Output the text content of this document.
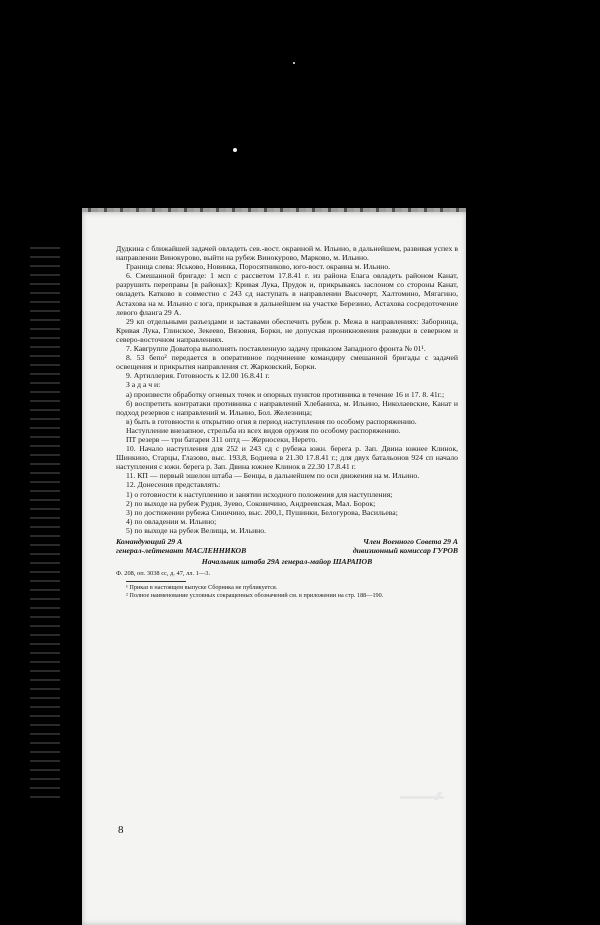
Дудкина с ближайшей задачей овладеть сев.-вост. окраиной м. Ильино, в дальнейшем, развивая успех в направлении Винокурово, выйти на рубеж Винокурово, Марково, м. Ильино.

Граница слева: Яськово, Новинка, Поросятниково, юго-вост. окраина м. Ильино.

6. Смешанной бригаде: 1 мсп с рассветом 17.8.41 г. из района Елага овладеть районом Канат, разрушить переправы [в районах]: Кривая Лука, Прудок и, прикрываясь заслоном со стороны Канат, овладеть Катково в совместно с 243 сд наступать в направлении Высочерт, Халтомино, Мягагино, Астахова на м. Ильино с юга, прикрывая в дальнейшем на участке Березино, Астахова сосредоточение левого фланга 29 А.

29 кп отдельными разъездами и заставами обеспечить рубеж р. Межа в направлениях: Заборница, Кривая Лука, Глинское, Зекеево, Вязовня, Борки, не допуская проникновения разведки в северном и северо-восточном направлениях.

7. Кавгруппе Доватора выполнять поставленную задачу приказом Западного фронта № 01¹.

8. 53 бепо² передается в оперативное подчинение командиру смешанной бригады с задачей освещения и прикрытия направления ст. Жарковский, Борки.

9. Артиллерия. Готовность к 12.00 16.8.41 г.

З а д а ч и:

а) произвести обработку огневых точек и опорных пунктов противника в течение 16 и 17. 8. 41г.;

б) воспретить контратаки противника с направлений Хлебаниха, м. Ильино, Николаевские, Канат и подход резервов с направлений м. Ильино, Бол. Железница;

в) быть в готовности к открытию огня в период наступления по особому распоряжению.

Наступление внезапное, стрельба из всех видов оружия по особому распоряжению.

ПТ резерв — три батареи 311 оптд — Жерносеки, Нерето.

10. Начало наступления для 252 и 243 сд с рубежа южн. берега р. Зап. Двина южнее Клинок, Шинкино, Старцы, Глазово, выс. 193,8, Боднева в 21.30 17.8.41 г.; для двух батальонов 924 сп начало наступления с южн. берега р. Зап. Двина южнее Клинок в 22.30 17.8.41 г.

11. КП — первый эшелон штаба — Бенцы, в дальнейшем по оси движения на м. Ильино.

12. Донесения представлять:

1) о готовности к наступлению и занятии исходного положения для наступления;

2) по выходе на рубеж Рудня, Зуево, Соковичино, Андреевская, Мал. Борок;

3) по достижении рубежа Синичино, выс. 200,1, Пушинки, Белогурова, Васильева;

4) по овладении м. Ильино;

5) по выходе на рубеж Велища, м. Ильино.

Командующий 29 А
генерал-лейтенант МАСЛЕННИКОВ
Член Военного Совета 29 А
дивизионный комиссар ГУРОВ
Начальник штаба 29А генерал-майор ШАРАПОВ
Ф. 208, оп. 3038 сс, д. 47, лл. 1—3.
¹ Приказ в настоящем выпуске Сборника не публикуется.
² Полное наименование условных сокращенных обозначений см. в приложении на стр. 188—190.
8
